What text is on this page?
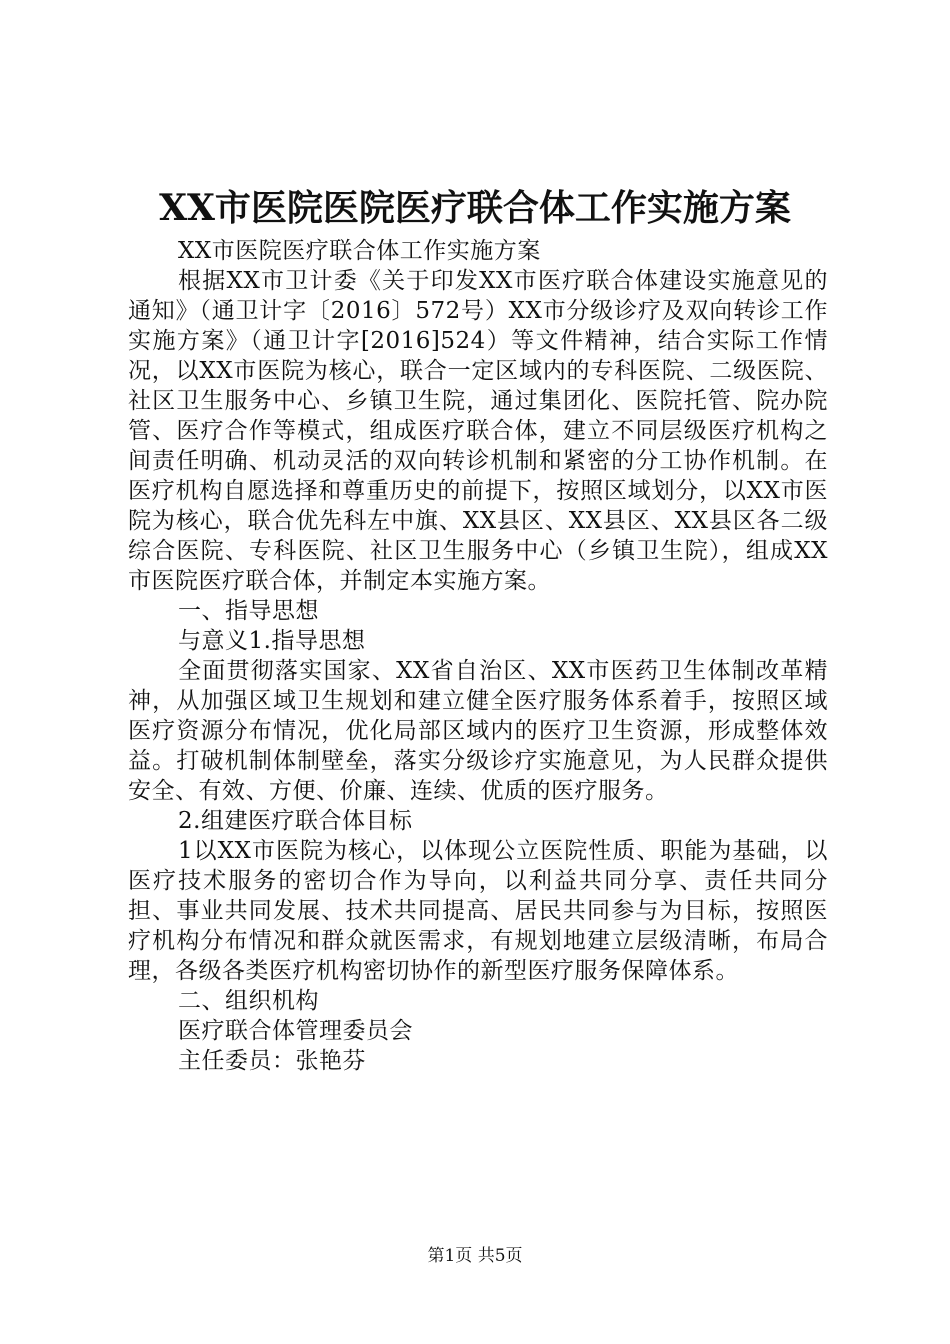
XX市医院医院医疗联合体工作实施方案

XX市医院医疗联合体工作实施方案

根据XX市卫计委《关于印发XX市医疗联合体建设实施意见的通知》（通卫计字〔2016〕572号）XX市分级诊疗及双向转诊工作实施方案》（通卫计字[2016]524）等文件精神，结合实际工作情况，以XX市医院为核心，联合一定区域内的专科医院、二级医院、社区卫生服务中心、乡镇卫生院，通过集团化、医院托管、院办院管、医疗合作等模式，组成医疗联合体，建立不同层级医疗机构之间责任明确、机动灵活的双向转诊机制和紧密的分工协作机制。在医疗机构自愿选择和尊重历史的前提下，按照区域划分，以XX市医院为核心，联合优先科左中旗、XX县区、XX县区、XX县区各二级综合医院、专科医院、社区卫生服务中心（乡镇卫生院），组成XX市医院医疗联合体，并制定本实施方案。

一、指导思想

与意义1.指导思想

全面贯彻落实国家、XX省自治区、XX市医药卫生体制改革精神，从加强区域卫生规划和建立健全医疗服务体系着手，按照区域医疗资源分布情况，优化局部区域内的医疗卫生资源，形成整体效益。打破机制体制壁垒，落实分级诊疗实施意见，为人民群众提供安全、有效、方便、价廉、连续、优质的医疗服务。

2.组建医疗联合体目标

1以XX市医院为核心，以体现公立医院性质、职能为基础，以医疗技术服务的密切合作为导向，以利益共同分享、责任共同分担、事业共同发展、技术共同提高、居民共同参与为目标，按照医疗机构分布情况和群众就医需求，有规划地建立层级清晰，布局合理，各级各类医疗机构密切协作的新型医疗服务保障体系。

二、组织机构

医疗联合体管理委员会

主任委员：张艳芬

第1页 共5页
